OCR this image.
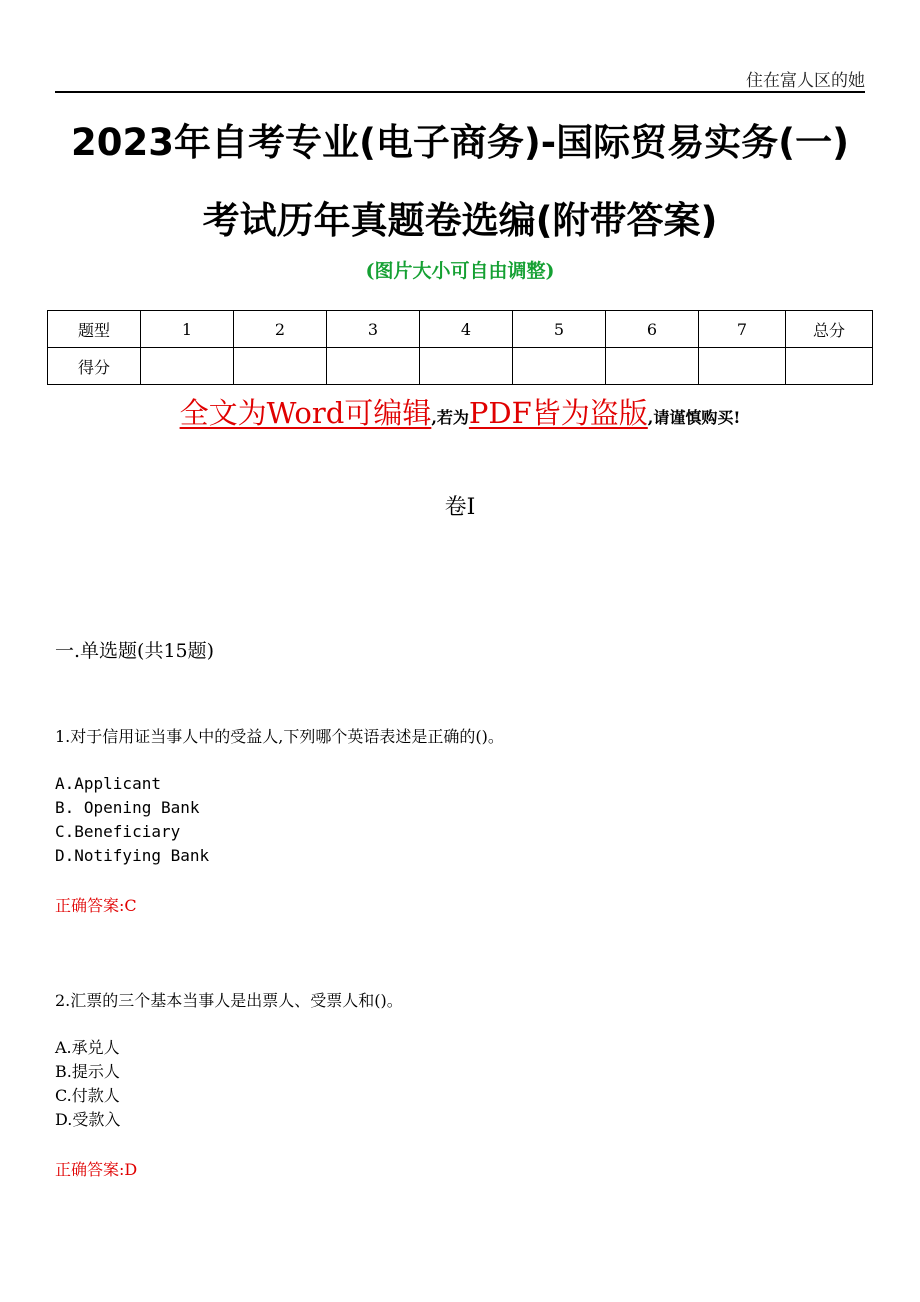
住在富人区的她
2023年自考专业(电子商务)-国际贸易实务(一)
考试历年真题卷选编(附带答案)
(图片大小可自由调整)
题型	1	2	3	4	5	6	7	总分
得分								
全文为Word可编辑,若为PDF皆为盗版,请谨慎购买!
卷I
一.单选题(共15题)
1.对于信用证当事人中的受益人,下列哪个英语表述是正确的()。
A.Applicant
B. Opening Bank
C.Beneficiary
D.Notifying Bank
正确答案:C
2.汇票的三个基本当事人是出票人、受票人和()。
A.承兑人
B.提示人
C.付款人
D.受款入
正确答案:D
